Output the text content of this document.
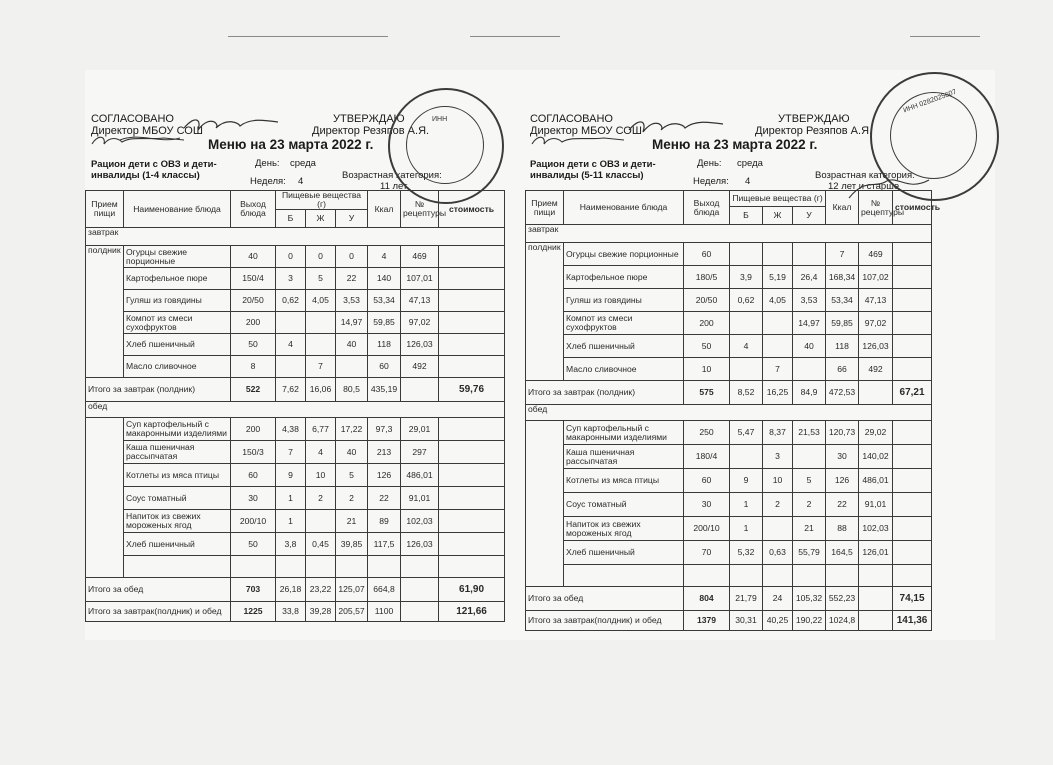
СОГЛАСОВАНО
Директор МБОУ СОШ
УТВЕРЖДАЮ
Директор Резяпов А.Я.
Меню на 23 марта 2022 г.
Рацион дети с ОВЗ и дети-
инвалиды (1-4 классы)
День: среда
Неделя: 4
Возрастная категория:
11 лет
Прием пищи	Наименование блюда	Выход блюда	Пищевые вещества (г)			Ккал	№ рецептуры	стоимость
			Б	Ж	У			
завтрак								
полдник	Огурцы свежие порционные	40	0	0	0	4	469	
	Картофельное пюре	150/4	3	5	22	140	107,01	
	Гуляш из говядины	20/50	0,62	4,05	3,53	53,34	47,13	
	Компот из смеси сухофруктов	200			14,97	59,85	97,02	
	Хлеб пшеничный	50	4		40	118	126,03	
	Масло сливочное	8		7		60	492	
Итого за завтрак (полдник)		522	7,62	16,06	80,5	435,19		59,76
обед								
	Суп картофельный с макаронными изделиями	200	4,38	6,77	17,22	97,3	29,01	
	Каша пшеничная рассыпчатая	150/3	7	4	40	213	297	
	Котлеты из мяса птицы	60	9	10	5	126	486,01	
	Соус томатный	30	1	2	2	22	91,01	
	Напиток из свежих мороженых ягод	200/10	1		21	89	102,03	
	Хлеб пшеничный	50	3,8	0,45	39,85	117,5	126,03	

Итого за обед		703	26,18	23,22	125,07	664,8		61,90
Итого за завтрак(полдник) и обед		1225	33,8	39,28	205,57	1100		121,66
ИНН	СОГЛАСОВАНО
Директор МБОУ СОШ
УТВЕРЖДАЮ
Директор Резяпов А.Я.
Меню на 23 марта 2022 г.
Рацион дети с ОВЗ и дети-
инвалиды (5-11 классы)
День: среда
Неделя: 4
Возрастная категория:
12 лет и старше
Прием пищи	Наименование блюда	Выход блюда	Пищевые вещества (г)			Ккал	№ рецептуры	стоимость
			Б	Ж	У			
завтрак								
полдник	Огурцы свежие порционные	60				7	469	
	Картофельное пюре	180/5	3,9	5,19	26,4	168,34	107,02	
	Гуляш из говядины	20/50	0,62	4,05	3,53	53,34	47,13	
	Компот из смеси сухофруктов	200			14,97	59,85	97,02	
	Хлеб пшеничный	50	4		40	118	126,03	
	Масло сливочное	10		7		66	492	
Итого за завтрак (полдник)		575	8,52	16,25	84,9	472,53		67,21
обед								
	Суп картофельный с макаронными изделиями	250	5,47	8,37	21,53	120,73	29,02	
	Каша пшеничная рассыпчатая	180/4		3		30	140,02	
	Котлеты из мяса птицы	60	9	10	5	126	486,01	
	Соус томатный	30	1	2	2	22	91,01	
	Напиток из свежих мороженых ягод	200/10	1		21	88	102,03	
	Хлеб пшеничный	70	5,32	0,63	55,79	164,5	126,01	

Итого за обед		804	21,79	24	105,32	552,23		74,15
Итого за завтрак(полдник) и обед		1379	30,31	40,25	190,22	1024,8		141,36
ИНН 0282025607
